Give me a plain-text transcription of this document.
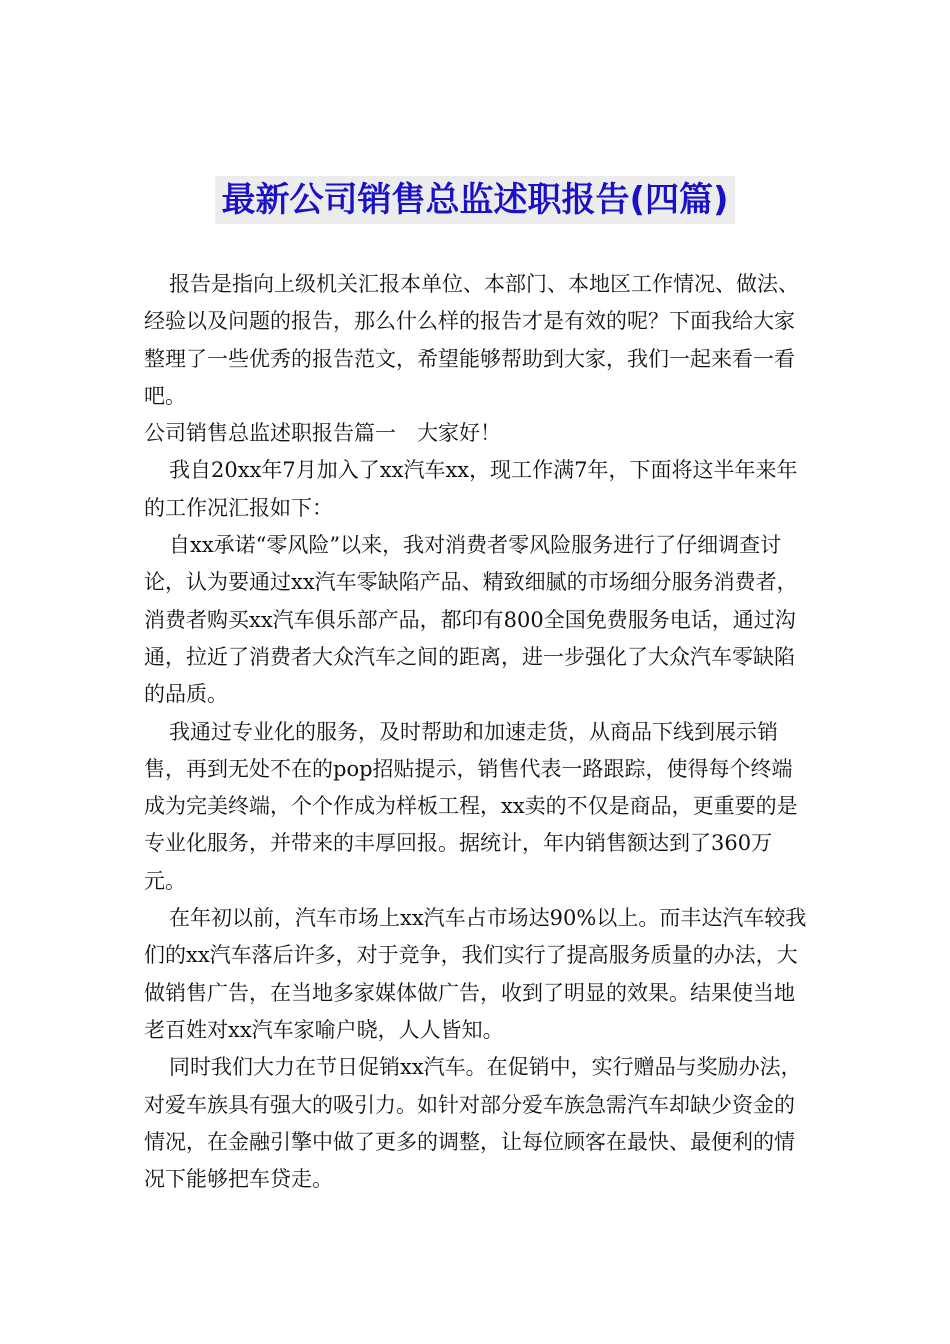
最新公司销售总监述职报告(四篇)

报告是指向上级机关汇报本单位、本部门、本地区工作情况、做法、经验以及问题的报告，那么什么样的报告才是有效的呢？下面我给大家整理了一些优秀的报告范文，希望能够帮助到大家，我们一起来看一看吧。

公司销售总监述职报告篇一　大家好！

我自20xx年7月加入了xx汽车xx，现工作满7年，下面将这半年来年的工作况汇报如下：

自xx承诺“零风险”以来，我对消费者零风险服务进行了仔细调查讨论，认为要通过xx汽车零缺陷产品、精致细腻的市场细分服务消费者，消费者购买xx汽车俱乐部产品，都印有800全国免费服务电话，通过沟通，拉近了消费者大众汽车之间的距离，进一步强化了大众汽车零缺陷的品质。

我通过专业化的服务，及时帮助和加速走货，从商品下线到展示销售，再到无处不在的pop招贴提示，销售代表一路跟踪，使得每个终端成为完美终端，个个作成为样板工程，xx卖的不仅是商品，更重要的是专业化服务，并带来的丰厚回报。据统计，年内销售额达到了360万元。

在年初以前，汽车市场上xx汽车占市场达90%以上。而丰达汽车较我们的xx汽车落后许多，对于竞争，我们实行了提高服务质量的办法，大做销售广告，在当地多家媒体做广告，收到了明显的效果。结果使当地老百姓对xx汽车家喻户晓，人人皆知。

同时我们大力在节日促销xx汽车。在促销中，实行赠品与奖励办法，对爱车族具有强大的吸引力。如针对部分爱车族急需汽车却缺少资金的情况，在金融引擎中做了更多的调整，让每位顾客在最快、最便利的情况下能够把车贷走。
